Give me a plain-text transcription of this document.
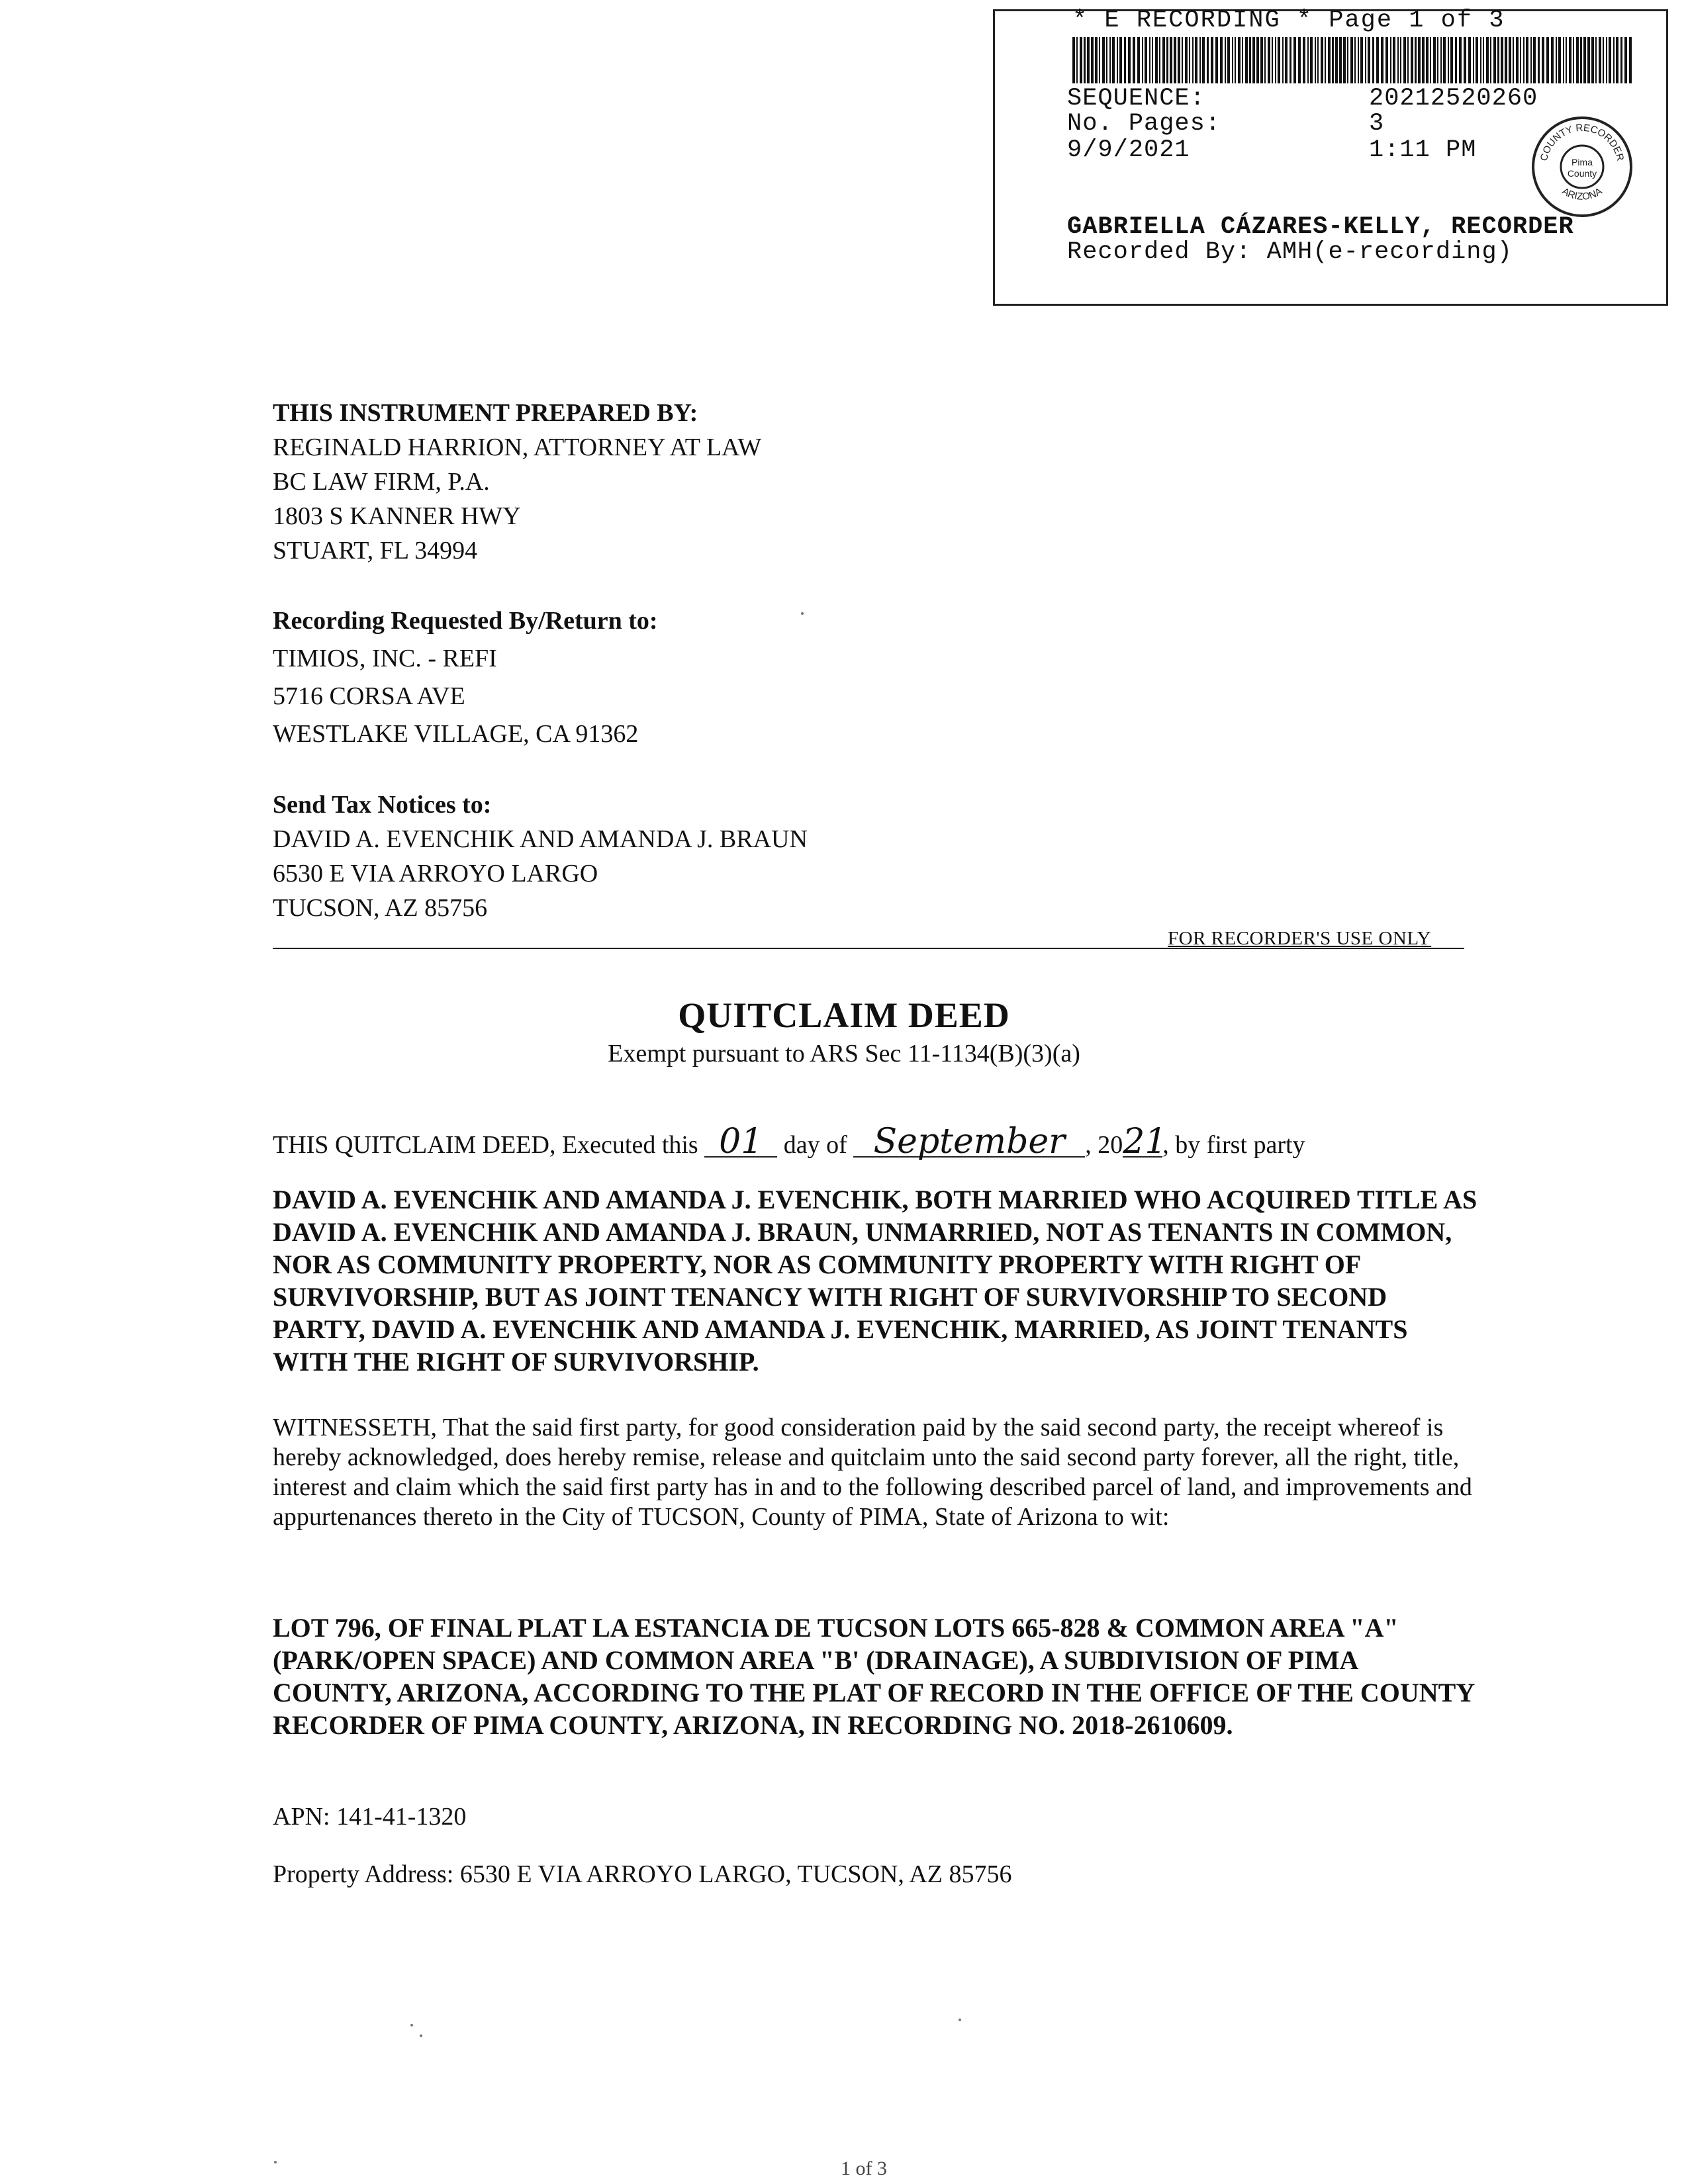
* E RECORDING * Page 1 of 3
SEQUENCE:	20212520260
No. Pages:	3
9/9/2021	1:11 PM
GABRIELLA CÁZARES-KELLY, RECORDER
Recorded By: AMH(e-recording)
COUNTY RECORDER
ARIZONA
Pima
County
THIS INSTRUMENT PREPARED BY:
REGINALD HARRION, ATTORNEY AT LAW
BC LAW FIRM, P.A.
1803 S KANNER HWY
STUART, FL 34994
Recording Requested By/Return to:
TIMIOS, INC. - REFI
5716 CORSA AVE
WESTLAKE VILLAGE, CA 91362
Send Tax Notices to:
DAVID A. EVENCHIK AND AMANDA J. BRAUN
6530 E VIA ARROYO LARGO
TUCSON, AZ 85756
FOR RECORDER'S USE ONLY
QUITCLAIM DEED
Exempt pursuant to ARS Sec 11-1134(B)(3)(a)
THIS QUITCLAIM DEED, Executed this 01 day of September , 2021, by first party
DAVID A. EVENCHIK AND AMANDA J. EVENCHIK, BOTH MARRIED WHO ACQUIRED TITLE AS DAVID A. EVENCHIK AND AMANDA J. BRAUN, UNMARRIED, NOT AS TENANTS IN COMMON, NOR AS COMMUNITY PROPERTY, NOR AS COMMUNITY PROPERTY WITH RIGHT OF SURVIVORSHIP, BUT AS JOINT TENANCY WITH RIGHT OF SURVIVORSHIP TO SECOND PARTY, DAVID A. EVENCHIK AND AMANDA J. EVENCHIK, MARRIED, AS JOINT TENANTS WITH THE RIGHT OF SURVIVORSHIP.
WITNESSETH, That the said first party, for good consideration paid by the said second party, the receipt whereof is hereby acknowledged, does hereby remise, release and quitclaim unto the said second party forever, all the right, title, interest and claim which the said first party has in and to the following described parcel of land, and improvements and appurtenances thereto in the City of TUCSON, County of PIMA, State of Arizona to wit:
LOT 796, OF FINAL PLAT LA ESTANCIA DE TUCSON LOTS 665-828 & COMMON AREA "A" (PARK/OPEN SPACE) AND COMMON AREA "B' (DRAINAGE), A SUBDIVISION OF PIMA COUNTY, ARIZONA, ACCORDING TO THE PLAT OF RECORD IN THE OFFICE OF THE COUNTY RECORDER OF PIMA COUNTY, ARIZONA, IN RECORDING NO. 2018-2610609.
APN: 141-41-1320
Property Address: 6530 E VIA ARROYO LARGO, TUCSON, AZ 85756
1 of 3
